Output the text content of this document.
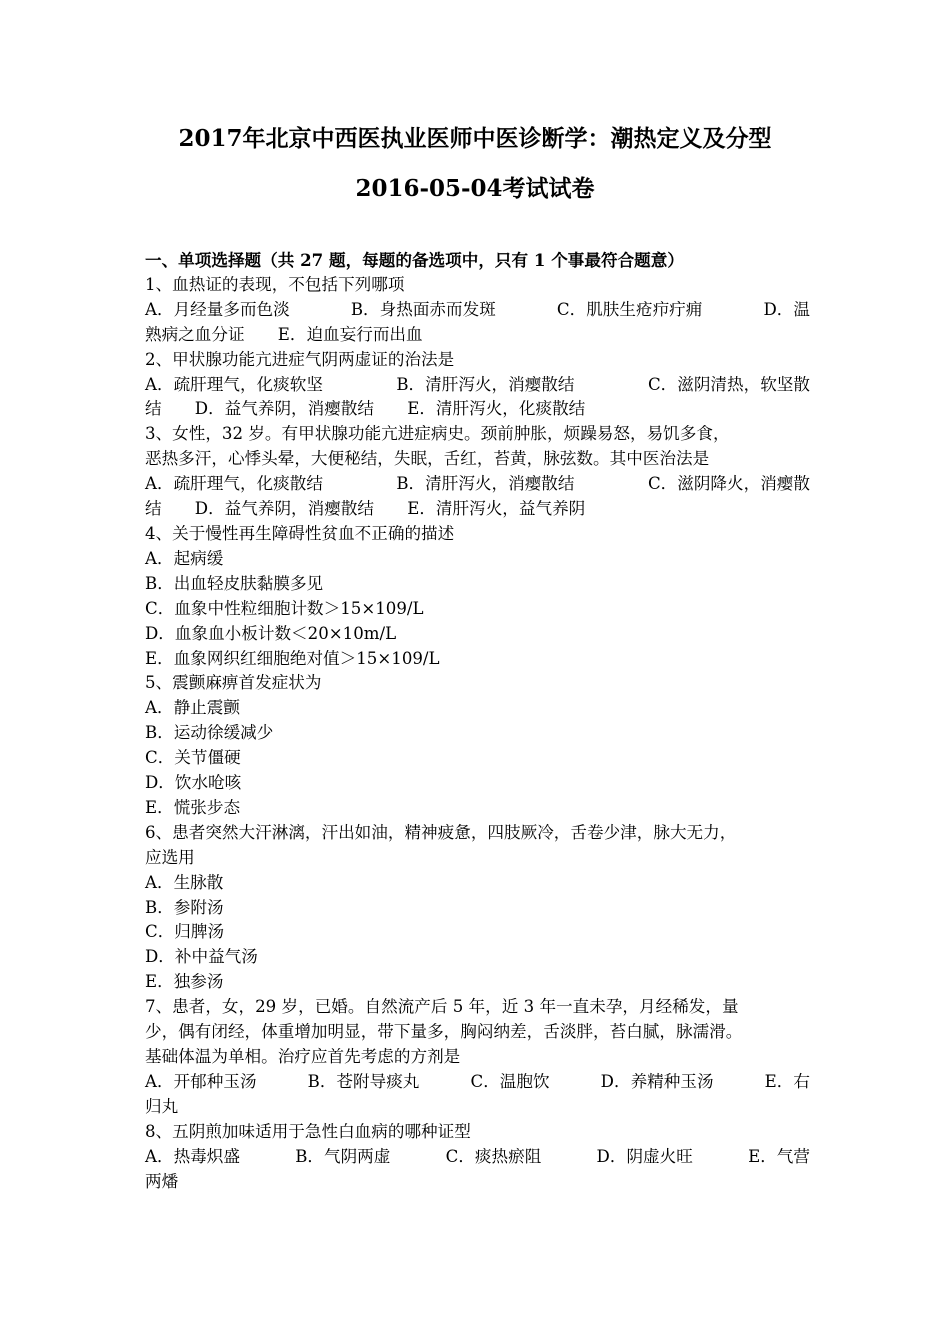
2017年北京中西医执业医师中医诊断学：潮热定义及分型
2016-05-04考试试卷
一、单项选择题（共 27 题，每题的备选项中，只有 1 个事最符合题意）
1、血热证的表现，不包括下列哪项
A．月经量多而色淡	B．身热面赤而发斑	C．肌肤生疮疖疔痈	D．温
熟病之血分证　　E．迫血妄行而出血
2、甲状腺功能亢进症气阴两虚证的治法是
A．疏肝理气，化痰软坚	B．清肝泻火，消瘿散结	C．滋阴清热，软坚散
结　　D．益气养阴，消瘿散结　　E．清肝泻火，化痰散结
3、女性，32 岁。有甲状腺功能亢进症病史。颈前肿胀，烦躁易怒，易饥多食，
恶热多汗，心悸头晕，大便秘结，失眠，舌红，苔黄，脉弦数。其中医治法是
A．疏肝理气，化痰散结	B．清肝泻火，消瘿散结	C．滋阴降火，消瘿散
结　　D．益气养阴，消瘿散结　　E．清肝泻火，益气养阴
4、关于慢性再生障碍性贫血不正确的描述
A．起病缓
B．出血轻皮肤黏膜多见
C．血象中性粒细胞计数＞15×109/L
D．血象血小板计数＜20×10m/L
E．血象网织红细胞绝对值＞15×109/L
5、震颤麻痹首发症状为
A．静止震颤
B．运动徐缓减少
C．关节僵硬
D．饮水呛咳
E．慌张步态
6、患者突然大汗淋漓，汗出如油，精神疲惫，四肢厥冷，舌卷少津，脉大无力，
应选用
A．生脉散
B．参附汤
C．归脾汤
D．补中益气汤
E．独参汤
7、患者，女，29 岁，已婚。自然流产后 5 年，近 3 年一直未孕，月经稀发，量
少，偶有闭经，体重增加明显，带下量多，胸闷纳差，舌淡胖，苔白腻，脉濡滑。
基础体温为单相。治疗应首先考虑的方剂是
A．开郁种玉汤	B．苍附导痰丸	C．温胞饮	D．养精种玉汤	E．右
归丸
8、五阴煎加味适用于急性白血病的哪种证型
A．热毒炽盛	B．气阴两虚	C．痰热瘀阻	D．阴虚火旺	E．气营
两燔
